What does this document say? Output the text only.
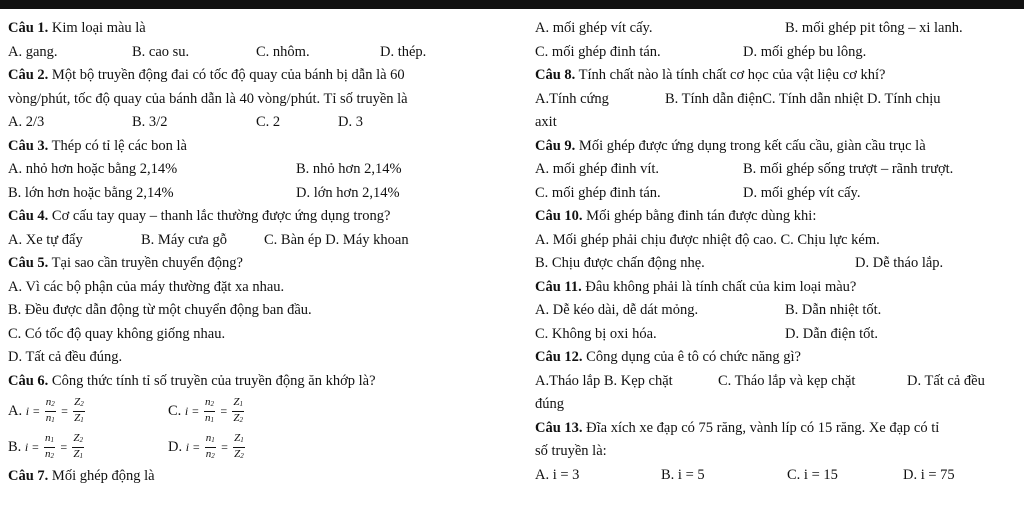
Câu 1. Kim loại màu là
A. gang.	B. cao su.	C. nhôm.	D. thép.
Câu 2. Một bộ truyền động đai có tốc độ quay của bánh bị dẫn là 60
vòng/phút, tốc độ quay của bánh dẫn là 40 vòng/phút. Tỉ số truyền là
A. 2/3	B. 3/2	C. 2	D. 3
Câu 3. Thép có tỉ lệ các bon là
A. nhỏ hơn hoặc bằng 2,14%	B. nhỏ hơn 2,14%
B. lớn hơn hoặc bằng 2,14%	D. lớn hơn 2,14%
Câu 4. Cơ cấu tay quay – thanh lắc thường được ứng dụng trong?
A. Xe tự đẩy	B. Máy cưa gỗ	C. Bàn ép D. Máy khoan
Câu 5. Tại sao cần truyền chuyển động?
A. Vì các bộ phận của máy thường đặt xa nhau.
B. Đều được dẫn động từ một chuyển động ban đầu.
C. Có tốc độ quay không giống nhau.
D. Tất cả đều đúng.
Câu 6. Công thức tính tỉ số truyền của truyền động ăn khớp là?
A. $i = \frac{n_2}{n_1} = \frac{Z_2}{Z_1}$	C. $i = \frac{n_2}{n_1} = \frac{Z_1}{Z_2}$
B. $i = \frac{n_1}{n_2} = \frac{Z_2}{Z_1}$	D. $i = \frac{n_1}{n_2} = \frac{Z_1}{Z_2}$
Câu 7. Mối ghép động là
A. mối ghép vít cấy.	B. mối ghép pit tông – xi lanh.
C. mối ghép đinh tán.	D. mối ghép bu lông.
Câu 8. Tính chất nào là tính chất cơ học của vật liệu cơ khí?
A.Tính cứng	B. Tính dẫn điệnC. Tính dẫn nhiệt D. Tính chịu
axit
Câu 9. Mối ghép được ứng dụng trong kết cấu cầu, giàn cầu trục là
A. mối ghép đinh vít.	B. mối ghép sống trượt – rãnh trượt.
C. mối ghép đinh tán.	D. mối ghép vít cấy.
Câu 10. Mối ghép bằng đinh tán được dùng khi:
A. Mối ghép phải chịu được nhiệt độ cao. C. Chịu lực kém.
B. Chịu được chấn động nhẹ.	D. Dễ tháo lắp.
Câu 11. Đâu không phải là tính chất của kim loại màu?
A. Dễ kéo dài, dễ dát mỏng.	B. Dẫn nhiệt tốt.
C. Không bị oxi hóa.	D. Dẫn điện tốt.
Câu 12. Công dụng của ê tô có chức năng gì?
A.Tháo lắp B. Kẹp chặt	C. Tháo lắp và kẹp chặt	D. Tất cả đều
đúng
Câu 13. Đĩa xích xe đạp có 75 răng, vành líp có 15 răng. Xe đạp có tỉ
số truyền là:
A. i = 3	B. i = 5	C. i = 15	D. i = 75
